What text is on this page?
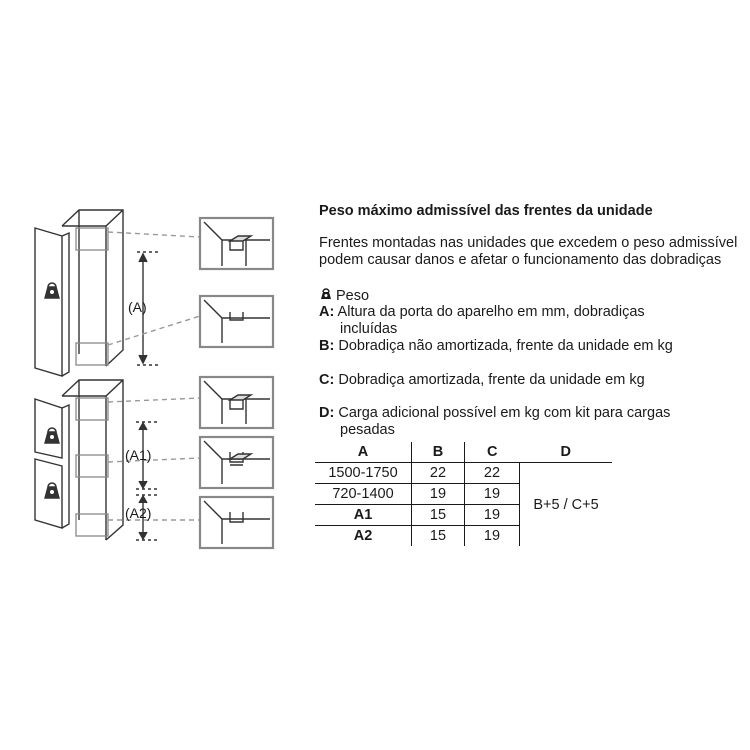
(A)
(A1)
(A2)
Peso máximo admissível das frentes da unidade
Frentes montadas nas unidades que excedem o peso admissível podem causar danos e afetar o funcionamento das dobradiças
Peso
A: Altura da porta do aparelho em mm, dobradiças
incluídas
B: Dobradiça não amortizada, frente da unidade em kg
C: Dobradiça amortizada, frente da unidade em kg
D: Carga adicional possível em kg com kit para cargas
pesadas
A	B	C	D
1500-1750	22	22	B+5 / C+5
720-1400	19	19	
A1	15	19	
A2	15	19	
